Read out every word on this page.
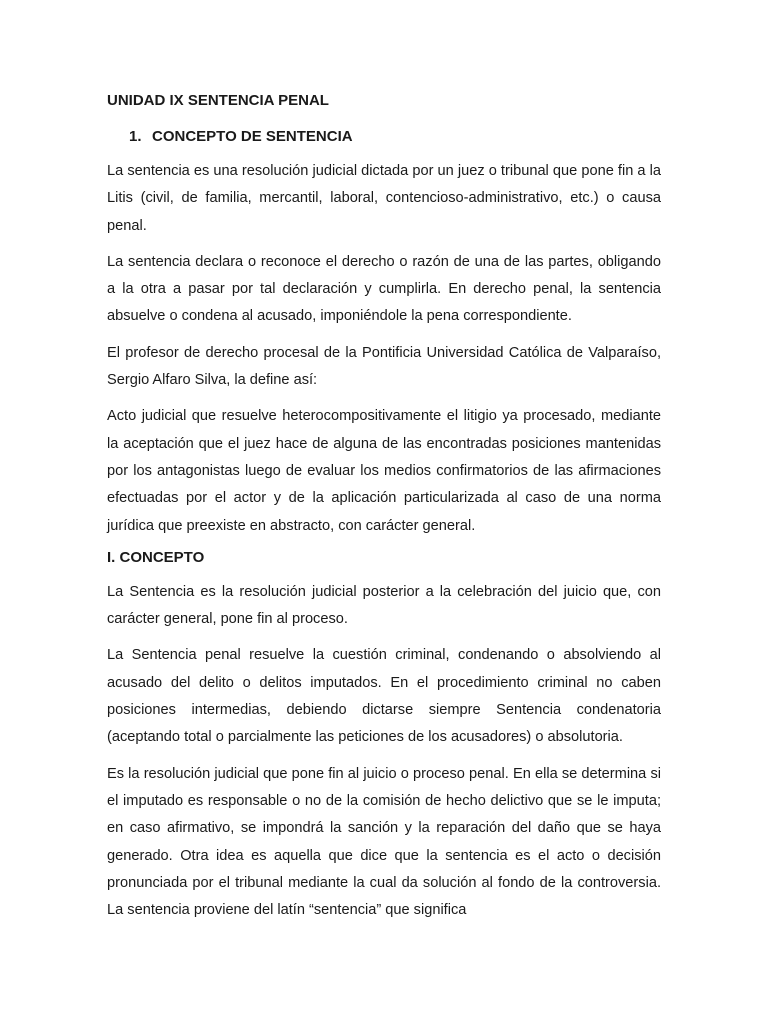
UNIDAD IX SENTENCIA PENAL
1. CONCEPTO DE SENTENCIA

La sentencia es una resolución judicial dictada por un juez o tribunal que pone fin a la Litis (civil, de familia, mercantil, laboral, contencioso-administrativo, etc.) o causa penal.

La sentencia declara o reconoce el derecho o razón de una de las partes, obligando a la otra a pasar por tal declaración y cumplirla. En derecho penal, la sentencia absuelve o condena al acusado, imponiéndole la pena correspondiente.

El profesor de derecho procesal de la Pontificia Universidad Católica de Valparaíso, Sergio Alfaro Silva, la define así:

Acto judicial que resuelve heterocompositivamente el litigio ya procesado, mediante la aceptación que el juez hace de alguna de las encontradas posiciones mantenidas por los antagonistas luego de evaluar los medios confirmatorios de las afirmaciones efectuadas por el actor y de la aplicación particularizada al caso de una norma jurídica que preexiste en abstracto, con carácter general.

I. CONCEPTO

La Sentencia es la resolución judicial posterior a la celebración del juicio que, con carácter general, pone fin al proceso.

La Sentencia penal resuelve la cuestión criminal, condenando o absolviendo al acusado del delito o delitos imputados. En el procedimiento criminal no caben posiciones intermedias, debiendo dictarse siempre Sentencia condenatoria (aceptando total o parcialmente las peticiones de los acusadores) o absolutoria.

Es la resolución judicial que pone fin al juicio o proceso penal. En ella se determina si el imputado es responsable o no de la comisión de hecho delictivo que se le imputa; en caso afirmativo, se impondrá la sanción y la reparación del daño que se haya generado. Otra idea es aquella que dice que la sentencia es el acto o decisión pronunciada por el tribunal mediante la cual da solución al fondo de la controversia. La sentencia proviene del latín “sentencia” que significa
